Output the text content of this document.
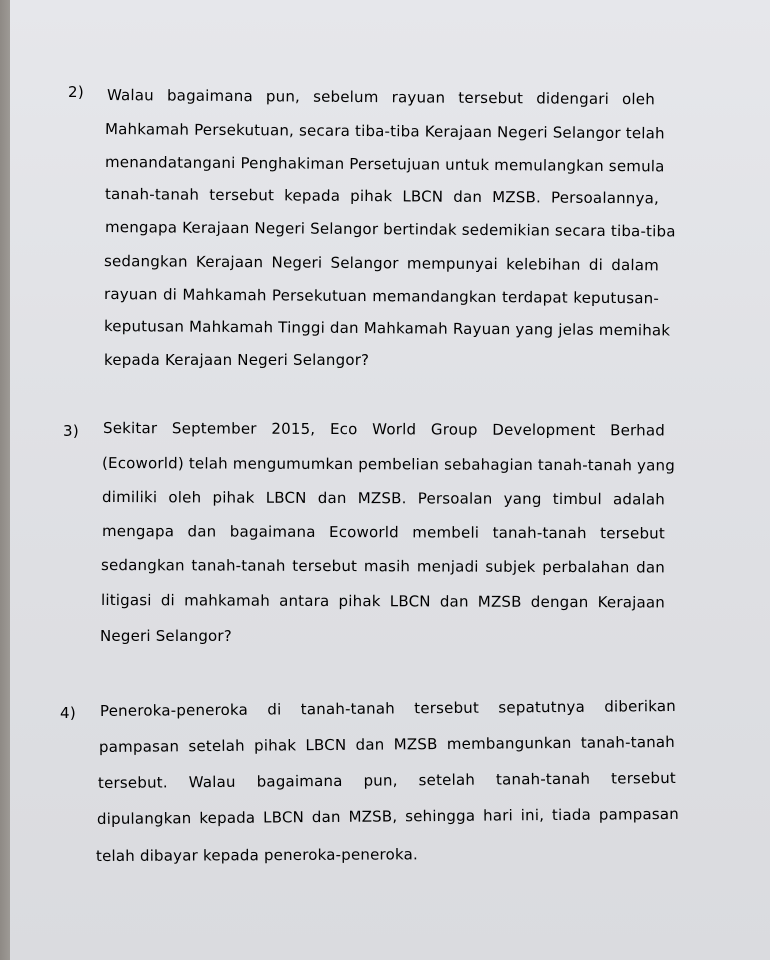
2) Walau bagaimana pun, sebelum rayuan tersebut didengari oleh
Mahkamah Persekutuan, secara tiba-tiba Kerajaan Negeri Selangor telah
menandatangani Penghakiman Persetujuan untuk memulangkan semula
tanah-tanah tersebut kepada pihak LBCN dan MZSB. Persoalannya,
mengapa Kerajaan Negeri Selangor bertindak sedemikian secara tiba-tiba
sedangkan Kerajaan Negeri Selangor mempunyai kelebihan di dalam
rayuan di Mahkamah Persekutuan memandangkan terdapat keputusan-
keputusan Mahkamah Tinggi dan Mahkamah Rayuan yang jelas memihak
kepada Kerajaan Negeri Selangor?
3) Sekitar September 2015, Eco World Group Development Berhad
(Ecoworld) telah mengumumkan pembelian sebahagian tanah-tanah yang
dimiliki oleh pihak LBCN dan MZSB. Persoalan yang timbul adalah
mengapa dan bagaimana Ecoworld membeli tanah-tanah tersebut
sedangkan tanah-tanah tersebut masih menjadi subjek perbalahan dan
litigasi di mahkamah antara pihak LBCN dan MZSB dengan Kerajaan
Negeri Selangor?
4) Peneroka-peneroka di tanah-tanah tersebut sepatutnya diberikan
pampasan setelah pihak LBCN dan MZSB membangunkan tanah-tanah
tersebut. Walau bagaimana pun, setelah tanah-tanah tersebut
dipulangkan kepada LBCN dan MZSB, sehingga hari ini, tiada pampasan
telah dibayar kepada peneroka-peneroka.
